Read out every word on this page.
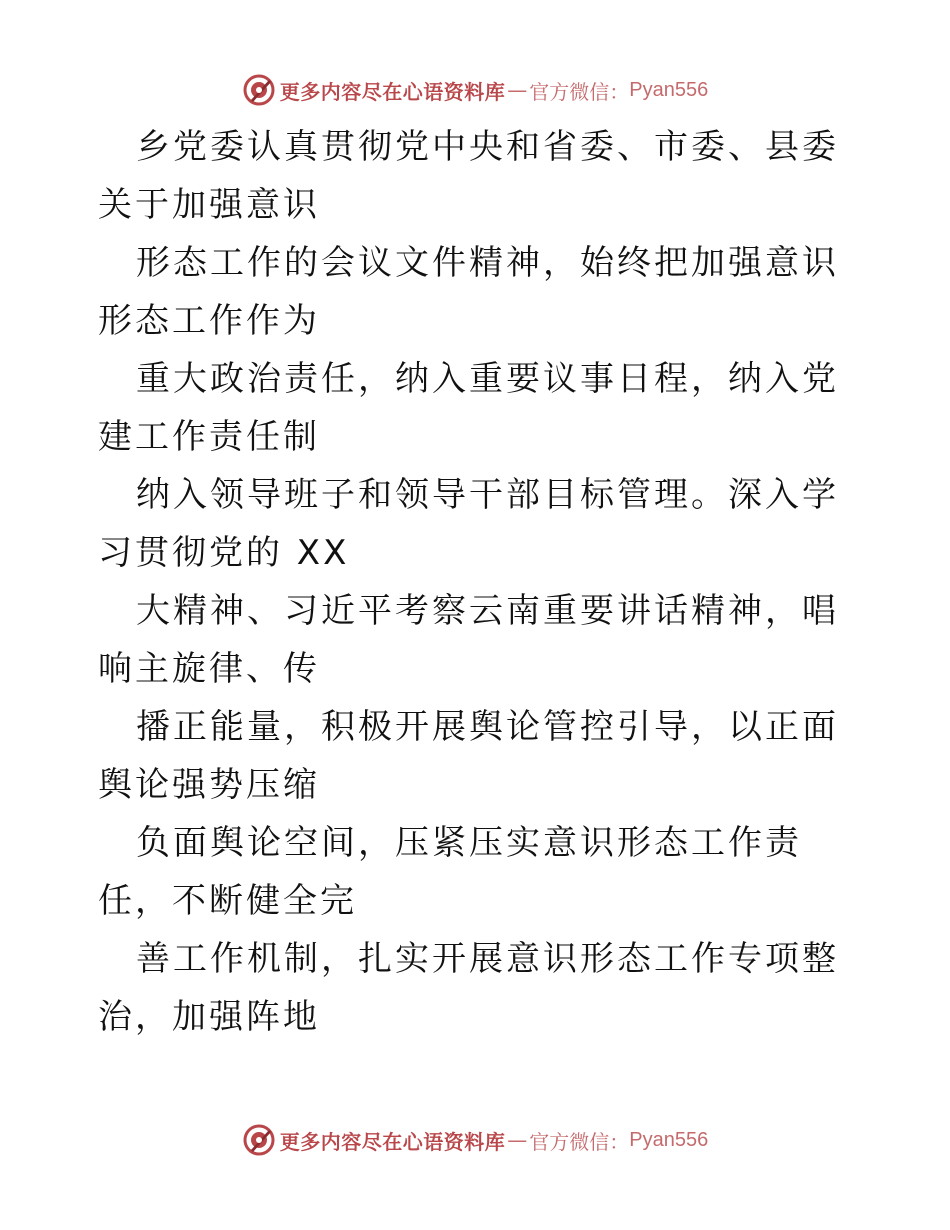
更多内容尽在心语资料库 — 官方微信： Pyan556

乡党委认真贯彻党中央和省委、市委、县委关于加强意识

形态工作的会议文件精神，始终把加强意识形态工作作为

重大政治责任，纳入重要议事日程，纳入党建工作责任制

纳入领导班子和领导干部目标管理。深入学习贯彻党的 XX

大精神、习近平考察云南重要讲话精神，唱响主旋律、传

播正能量，积极开展舆论管控引导，以正面舆论强势压缩

负面舆论空间，压紧压实意识形态工作责任，不断健全完

善工作机制，扎实开展意识形态工作专项整治，加强阵地

更多内容尽在心语资料库 — 官方微信： Pyan556
